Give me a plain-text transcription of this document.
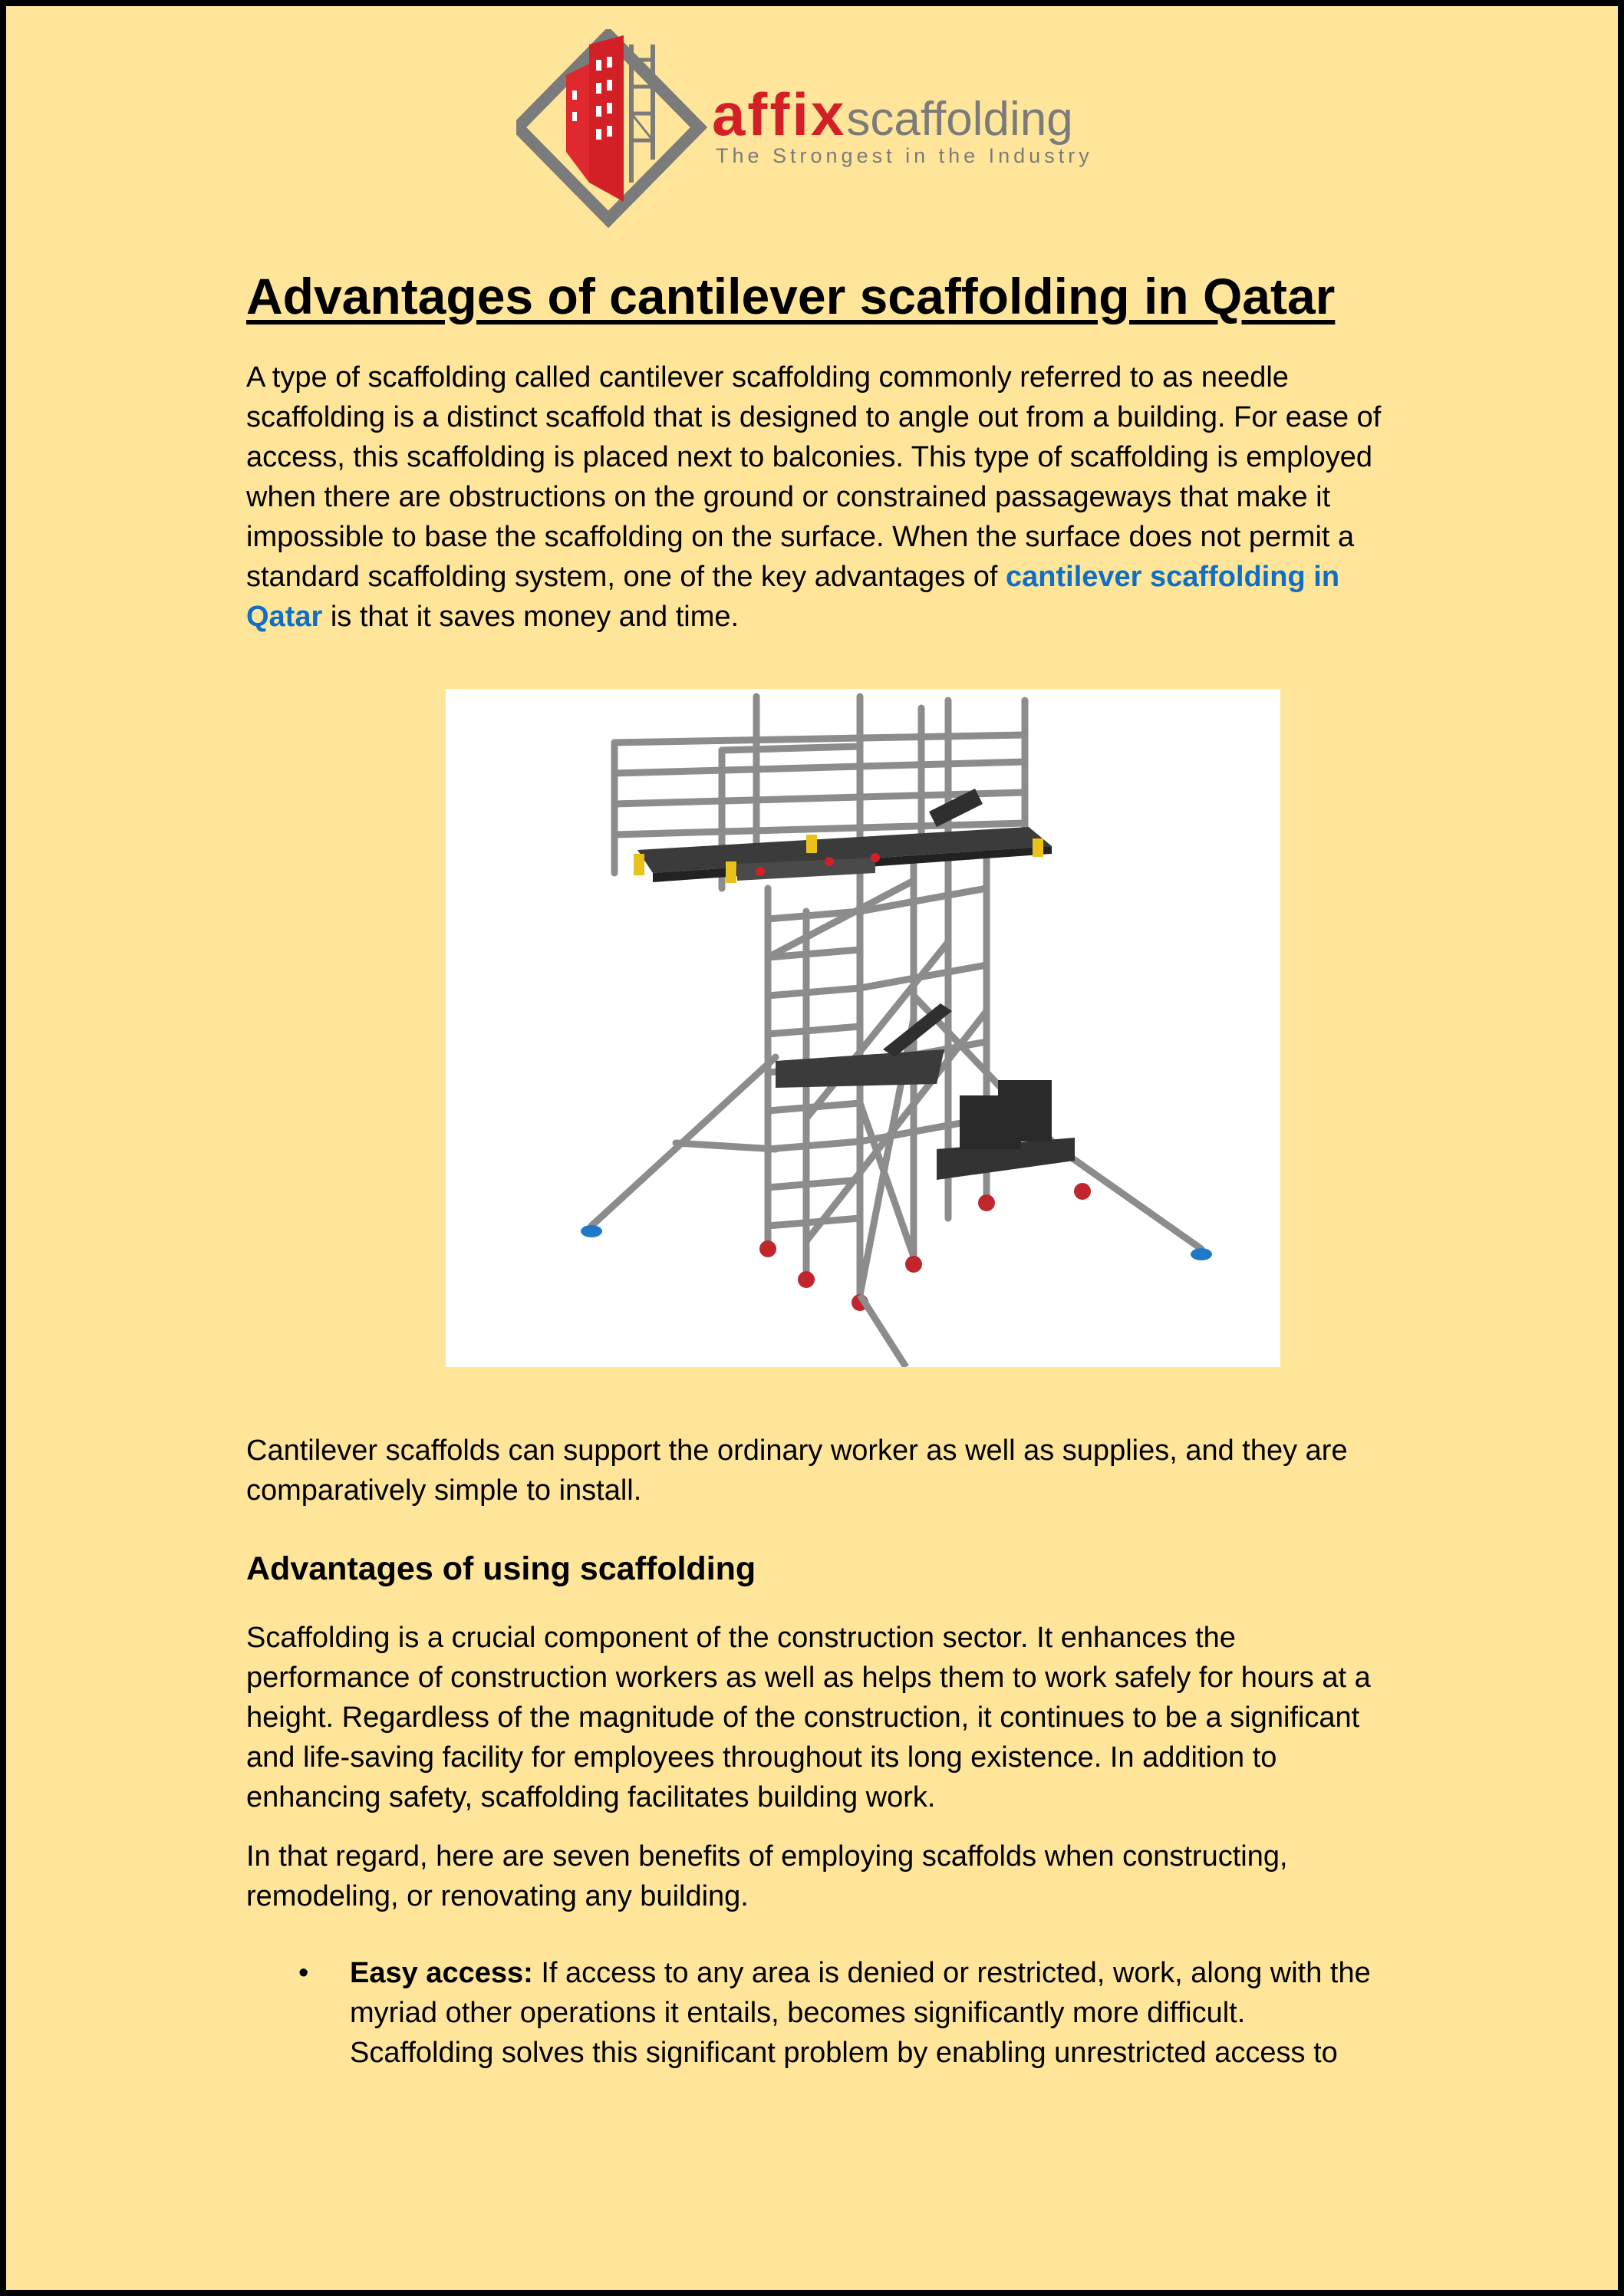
affixscaffolding
The Strongest in the Industry
Advantages of cantilever scaffolding in Qatar

A type of scaffolding called cantilever scaffolding commonly referred to as needle scaffolding is a distinct scaffold that is designed to angle out from a building. For ease of access, this scaffolding is placed next to balconies. This type of scaffolding is employed when there are obstructions on the ground or constrained passageways that make it impossible to base the scaffolding on the surface. When the surface does not permit a standard scaffolding system, one of the key advantages of cantilever scaffolding in Qatar is that it saves money and time.

Cantilever scaffolds can support the ordinary worker as well as supplies, and they are comparatively simple to install.

Advantages of using scaffolding

Scaffolding is a crucial component of the construction sector. It enhances the performance of construction workers as well as helps them to work safely for hours at a height. Regardless of the magnitude of the construction, it continues to be a significant and life-saving facility for employees throughout its long existence. In addition to enhancing safety, scaffolding facilitates building work.

In that regard, here are seven benefits of employing scaffolds when constructing, remodeling, or renovating any building.

• Easy access: If access to any area is denied or restricted, work, along with the myriad other operations it entails, becomes significantly more difficult. Scaffolding solves this significant problem by enabling unrestricted access to
